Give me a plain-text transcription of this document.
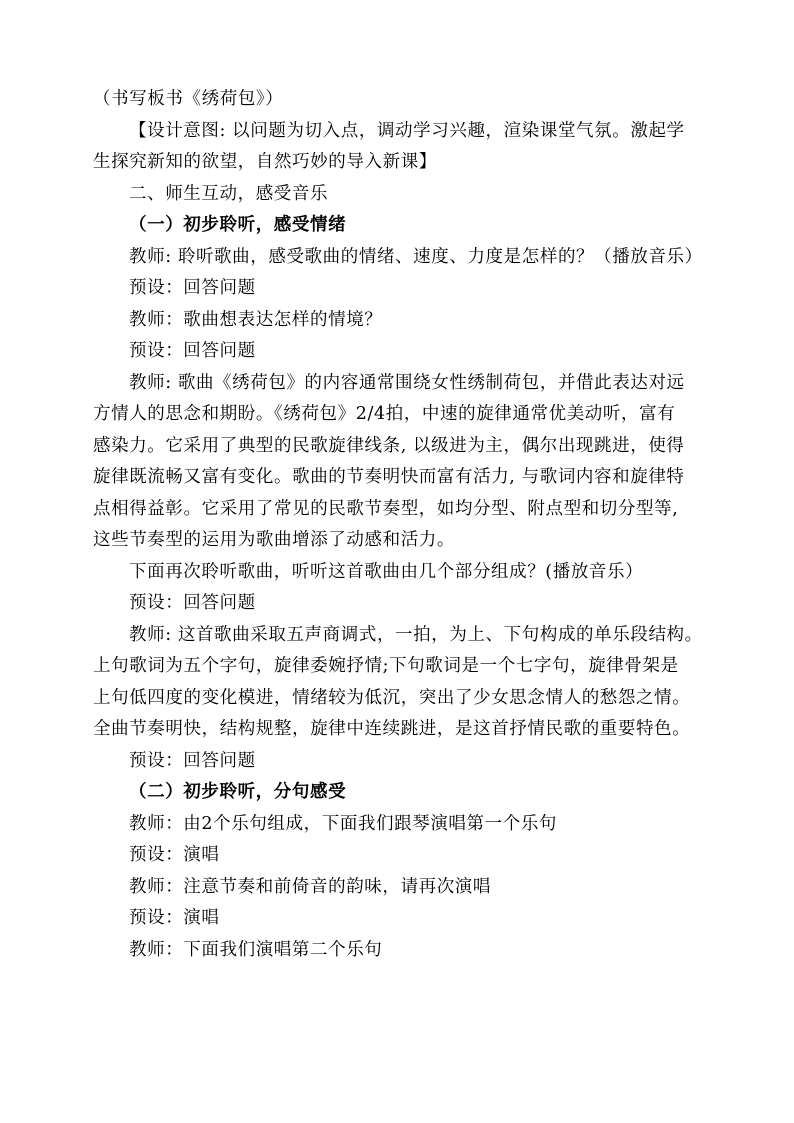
（书写板书《绣荷包》）
【设计意图: 以问题为切入点，调动学习兴趣，渲染课堂气氛。激起学
生探究新知的欲望，自然巧妙的导入新课】
二、师生互动，感受音乐
（一）初步聆听，感受情绪
教师: 聆听歌曲，感受歌曲的情绪、速度、力度是怎样的？（播放音乐）
预设：回答问题
教师：歌曲想表达怎样的情境？
预设：回答问题
教师: 歌曲《绣荷包》的内容通常围绕女性绣制荷包，并借此表达对远
方情人的思念和期盼。《绣荷包》2/4拍，中速的旋律通常优美动听，富有
感染力。它采用了典型的民歌旋律线条, 以级进为主，偶尔出现跳进，使得
旋律既流畅又富有变化。歌曲的节奏明快而富有活力, 与歌词内容和旋律特
点相得益彰。它采用了常见的民歌节奏型，如均分型、附点型和切分型等,
这些节奏型的运用为歌曲增添了动感和活力。
下面再次聆听歌曲，听听这首歌曲由几个部分组成？(播放音乐）
预设：回答问题
教师: 这首歌曲采取五声商调式，一拍，为上、下句构成的单乐段结构。
上句歌词为五个字句，旋律委婉抒情;下句歌词是一个七字句，旋律骨架是
上句低四度的变化模进，情绪较为低沉，突出了少女思念情人的愁怨之情。
全曲节奏明快，结构规整，旋律中连续跳进，是这首抒情民歌的重要特色。
预设：回答问题
（二）初步聆听，分句感受
教师：由2个乐句组成，下面我们跟琴演唱第一个乐句
预设：演唱
教师：注意节奏和前倚音的韵味，请再次演唱
预设：演唱
教师：下面我们演唱第二个乐句
